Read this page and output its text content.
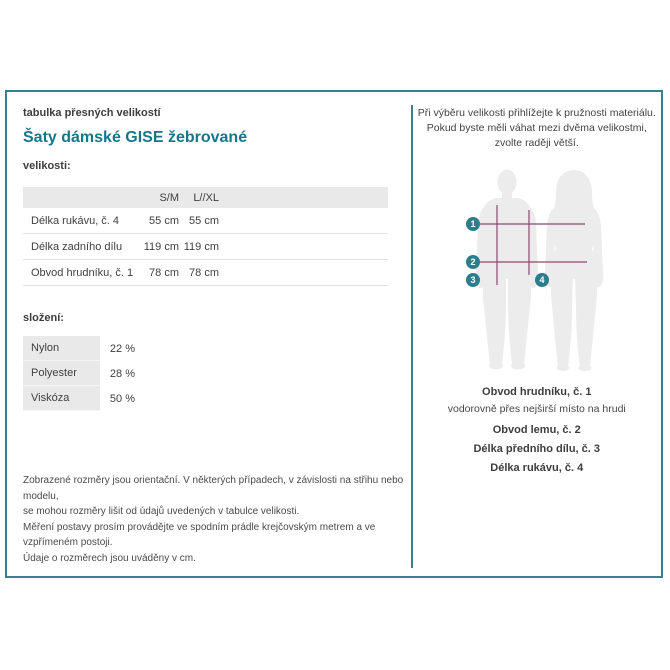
tabulka přesných velikostí
Šaty dámské GISE žebrované
velikosti:
S/M	L//XL
Délka rukávu, č. 4	55 cm 55 cm
Délka zadního dílu	119 cm 119 cm
Obvod hrudníku, č. 1	78 cm 78 cm
složení:
Nylon	22 %
Polyester	28 %
Viskóza	50 %
Zobrazené rozměry jsou orientační. V některých případech, v závislosti na střihu nebo modelu,
se mohou rozměry lišit od údajů uvedených v tabulce velikosti.
Měření postavy prosím provádějte ve spodním prádle krejčovským metrem a ve vzpřímeném postoji.
Údaje o rozměrech jsou uváděny v cm.
Při výběru velikosti přihlížejte k pružnosti materiálu.
Pokud byste měli váhat mezi dvěma velikostmi,
zvolte raději větší.
1
2
3	4
Obvod hrudníku, č. 1
vodorovně přes nejširší místo na hrudi
Obvod lemu, č. 2
Délka předního dílu, č. 3
Délka rukávu, č. 4
